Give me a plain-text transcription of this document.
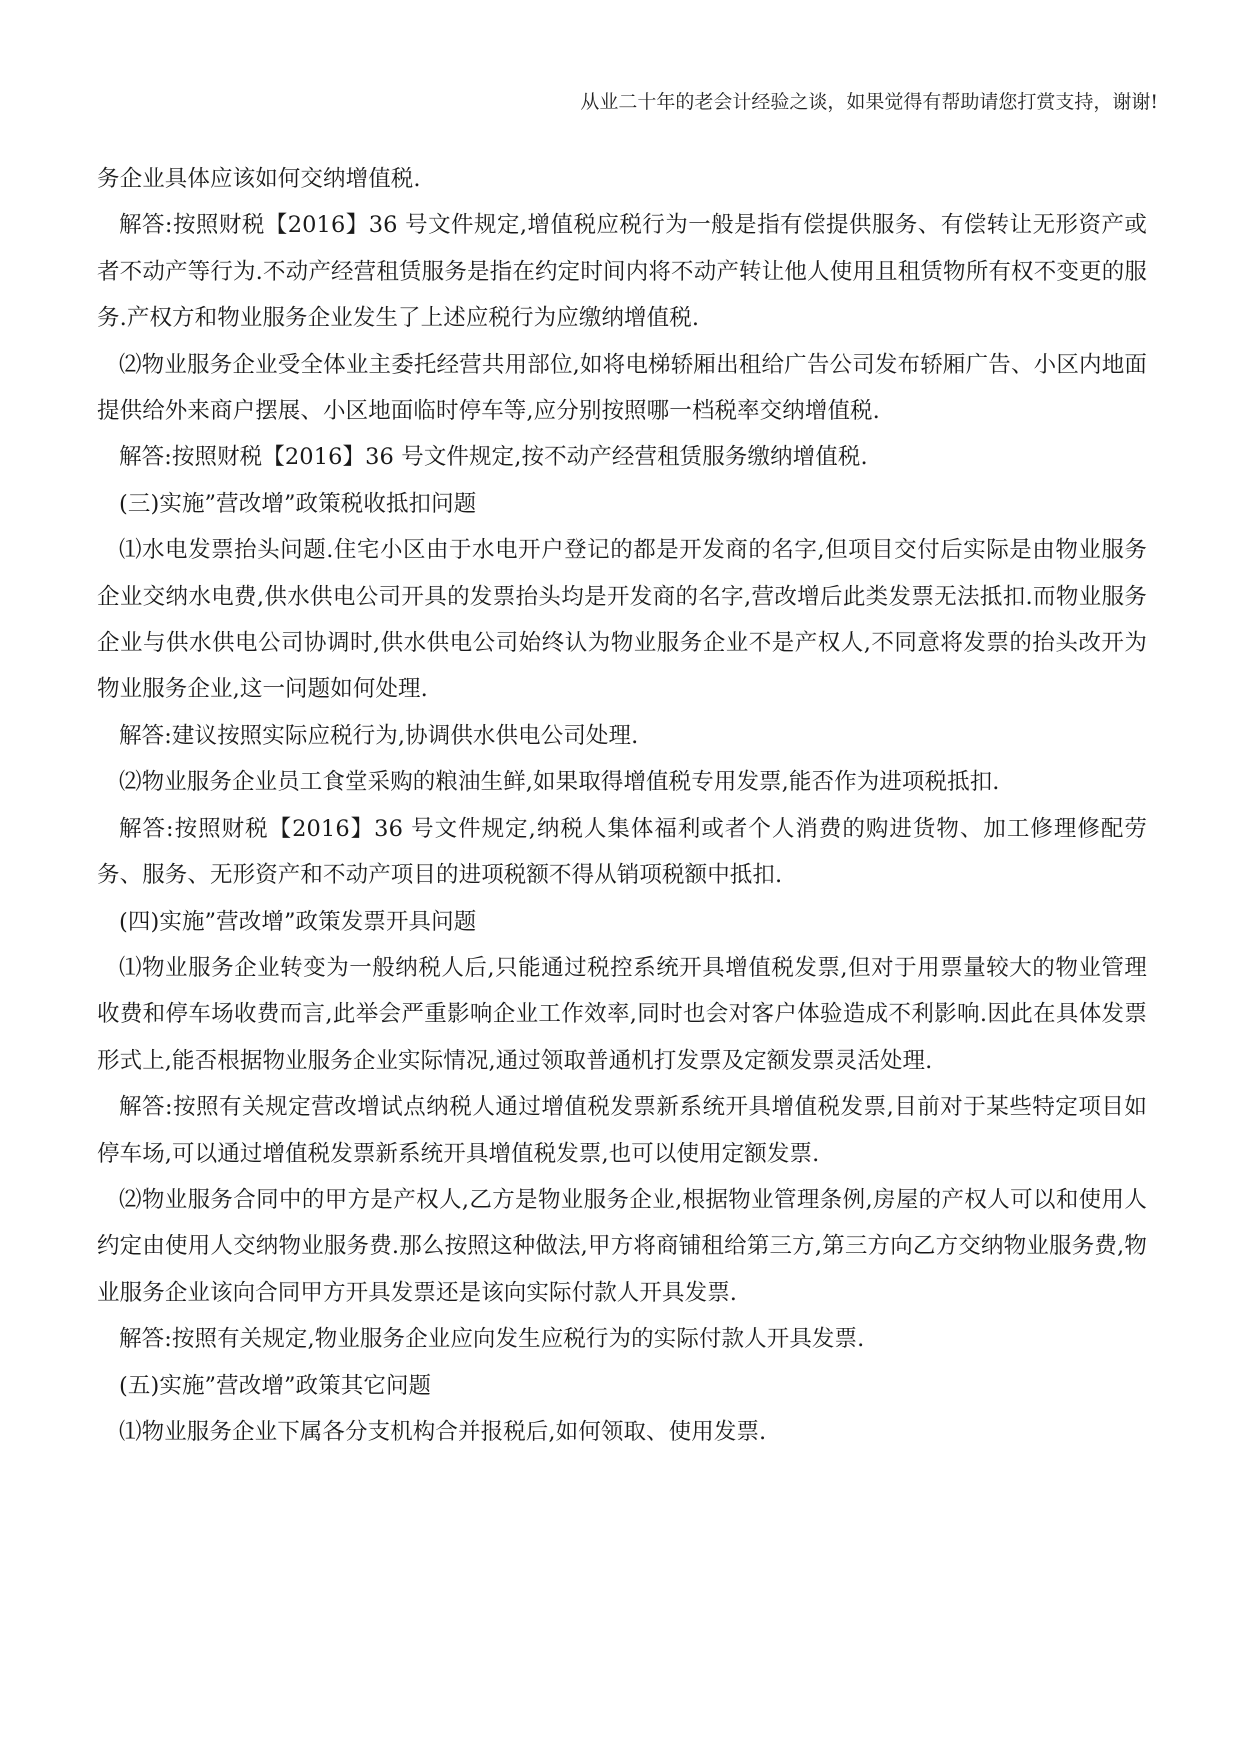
从业二十年的老会计经验之谈，如果觉得有帮助请您打赏支持，谢谢!

务企业具体应该如何交纳增值税.

解答:按照财税【2016】36 号文件规定,增值税应税行为一般是指有偿提供服务、有偿转让无形资产或者不动产等行为.不动产经营租赁服务是指在约定时间内将不动产转让他人使用且租赁物所有权不变更的服务.产权方和物业服务企业发生了上述应税行为应缴纳增值税.

⑵物业服务企业受全体业主委托经营共用部位,如将电梯轿厢出租给广告公司发布轿厢广告、小区内地面提供给外来商户摆展、小区地面临时停车等,应分别按照哪一档税率交纳增值税.

解答:按照财税【2016】36 号文件规定,按不动产经营租赁服务缴纳增值税.

(三)实施”营改增”政策税收抵扣问题

⑴水电发票抬头问题.住宅小区由于水电开户登记的都是开发商的名字,但项目交付后实际是由物业服务企业交纳水电费,供水供电公司开具的发票抬头均是开发商的名字,营改增后此类发票无法抵扣.而物业服务企业与供水供电公司协调时,供水供电公司始终认为物业服务企业不是产权人,不同意将发票的抬头改开为物业服务企业,这一问题如何处理.

解答:建议按照实际应税行为,协调供水供电公司处理.

⑵物业服务企业员工食堂采购的粮油生鲜,如果取得增值税专用发票,能否作为进项税抵扣.

解答:按照财税【2016】36 号文件规定,纳税人集体福利或者个人消费的购进货物、加工修理修配劳务、服务、无形资产和不动产项目的进项税额不得从销项税额中抵扣.

(四)实施”营改增”政策发票开具问题

⑴物业服务企业转变为一般纳税人后,只能通过税控系统开具增值税发票,但对于用票量较大的物业管理收费和停车场收费而言,此举会严重影响企业工作效率,同时也会对客户体验造成不利影响.因此在具体发票形式上,能否根据物业服务企业实际情况,通过领取普通机打发票及定额发票灵活处理.

解答:按照有关规定营改增试点纳税人通过增值税发票新系统开具增值税发票,目前对于某些特定项目如停车场,可以通过增值税发票新系统开具增值税发票,也可以使用定额发票.

⑵物业服务合同中的甲方是产权人,乙方是物业服务企业,根据物业管理条例,房屋的产权人可以和使用人约定由使用人交纳物业服务费.那么按照这种做法,甲方将商铺租给第三方,第三方向乙方交纳物业服务费,物业服务企业该向合同甲方开具发票还是该向实际付款人开具发票.

解答:按照有关规定,物业服务企业应向发生应税行为的实际付款人开具发票.

(五)实施”营改增”政策其它问题

⑴物业服务企业下属各分支机构合并报税后,如何领取、使用发票.
